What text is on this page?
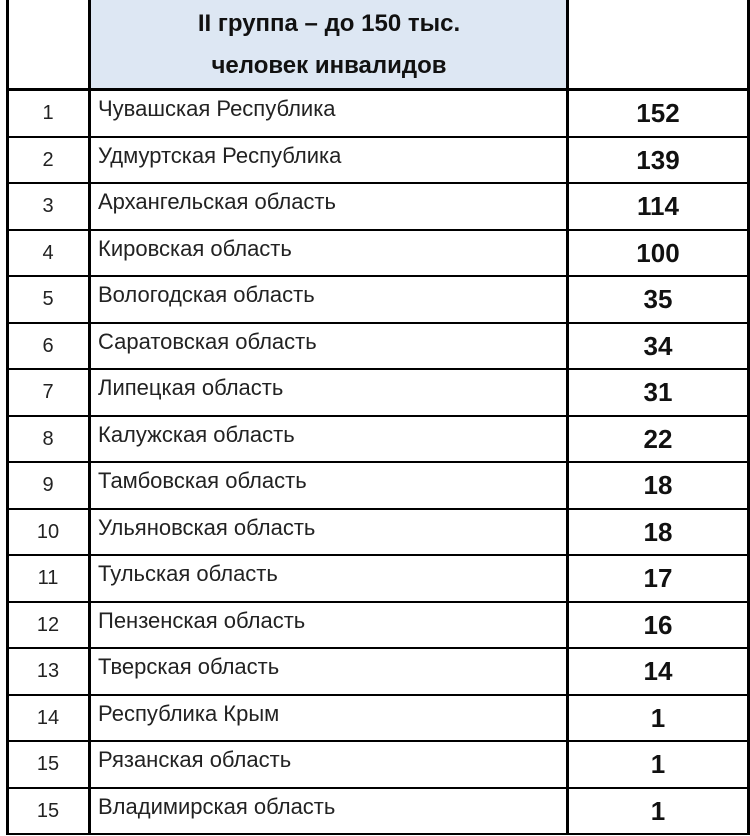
II группа – до 150 тыс.
человек инвалидов
1	Чувашская Республика	152
2	Удмуртская Республика	139
3	Архангельская область	114
4	Кировская область	100
5	Вологодская область	35
6	Саратовская область	34
7	Липецкая область	31
8	Калужская область	22
9	Тамбовская область	18
10	Ульяновская область	18
11	Тульская область	17
12	Пензенская область	16
13	Тверская область	14
14	Республика Крым	1
15	Рязанская область	1
15	Владимирская область	1
